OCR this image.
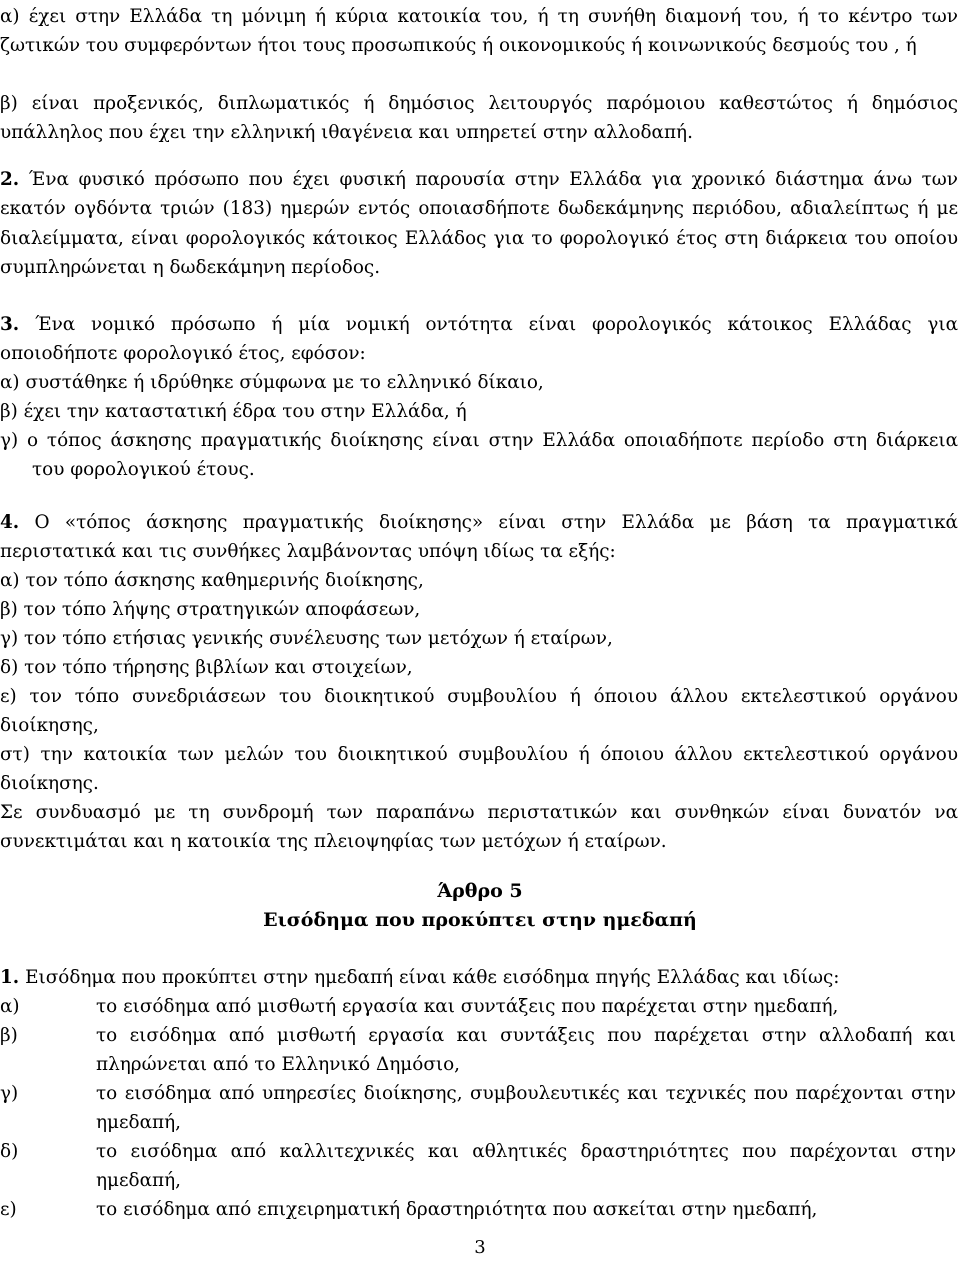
α) έχει στην Ελλάδα τη μόνιμη ή κύρια κατοικία του, ή τη συνήθη διαμονή του, ή το κέντρο των ζωτικών του συμφερόντων ήτοι τους προσωπικούς ή οικονομικούς ή κοινωνικούς δεσμούς του , ή

β) είναι προξενικός, διπλωματικός ή δημόσιος λειτουργός παρόμοιου καθεστώτος ή δημόσιος υπάλληλος που έχει την ελληνική ιθαγένεια και υπηρετεί στην αλλοδαπή.

2. Ένα φυσικό πρόσωπο που έχει φυσική παρουσία στην Ελλάδα για χρονικό διάστημα άνω των εκατόν ογδόντα τριών (183) ημερών εντός οποιασδήποτε δωδεκάμηνης περιόδου, αδιαλείπτως ή με διαλείμματα, είναι φορολογικός κάτοικος Ελλάδος για το φορολογικό έτος στη διάρκεια του οποίου συμπληρώνεται η δωδεκάμηνη περίοδος.

3. Ένα νομικό πρόσωπο ή μία νομική οντότητα είναι φορολογικός κάτοικος Ελλάδας για οποιοδήποτε φορολογικό έτος, εφόσον:

α) συστάθηκε ή ιδρύθηκε σύμφωνα με το ελληνικό δίκαιο,

β) έχει την καταστατική έδρα του στην Ελλάδα, ή

γ) ο τόπος άσκησης πραγματικής διοίκησης είναι στην Ελλάδα οποιαδήποτε περίοδο στη διάρκεια του φορολογικού έτους.

4. Ο «τόπος άσκησης πραγματικής διοίκησης» είναι στην Ελλάδα με βάση τα πραγματικά περιστατικά και τις συνθήκες λαμβάνοντας υπόψη ιδίως τα εξής:

α) τον τόπο άσκησης καθημερινής διοίκησης,

β) τον τόπο λήψης στρατηγικών αποφάσεων,

γ) τον τόπο ετήσιας γενικής συνέλευσης των μετόχων ή εταίρων,

δ) τον τόπο τήρησης βιβλίων και στοιχείων,

ε) τον τόπο συνεδριάσεων του διοικητικού συμβουλίου ή όποιου άλλου εκτελεστικού οργάνου διοίκησης,

στ) την κατοικία των μελών του διοικητικού συμβουλίου ή όποιου άλλου εκτελεστικού οργάνου διοίκησης.

Σε συνδυασμό με τη συνδρομή των παραπάνω περιστατικών και συνθηκών είναι δυνατόν να συνεκτιμάται και η κατοικία της πλειοψηφίας των μετόχων ή εταίρων.

Άρθρο 5
Εισόδημα που προκύπτει στην ημεδαπή

1. Εισόδημα που προκύπτει στην ημεδαπή είναι κάθε εισόδημα πηγής Ελλάδας και ιδίως:

α)	το εισόδημα από μισθωτή εργασία και συντάξεις που παρέχεται στην ημεδαπή,
β)	το εισόδημα από μισθωτή εργασία και συντάξεις που παρέχεται στην αλλοδαπή και πληρώνεται από το Ελληνικό Δημόσιο,
γ)	το εισόδημα από υπηρεσίες διοίκησης, συμβουλευτικές και τεχνικές που παρέχονται στην ημεδαπή,
δ)	το εισόδημα από καλλιτεχνικές και αθλητικές δραστηριότητες που παρέχονται στην ημεδαπή,
ε)	το εισόδημα από επιχειρηματική δραστηριότητα που ασκείται στην ημεδαπή,
3
